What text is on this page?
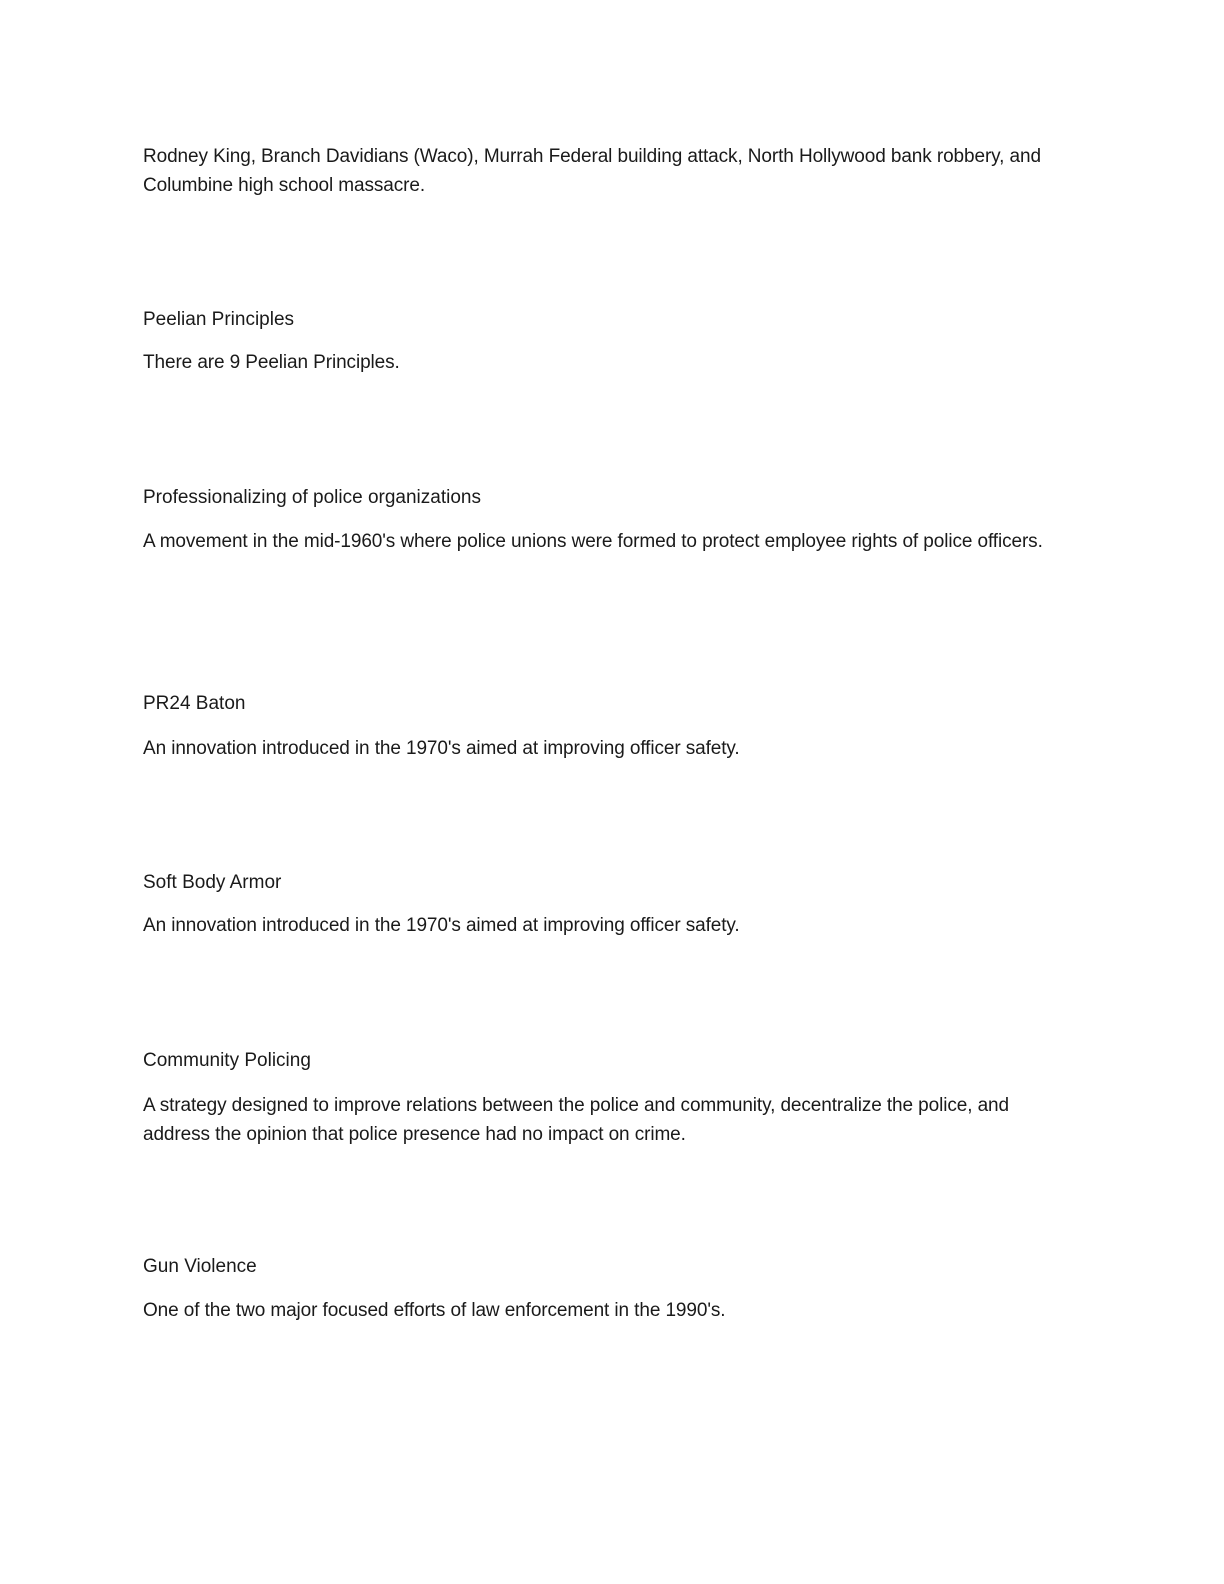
Rodney King, Branch Davidians (Waco), Murrah Federal building attack, North Hollywood bank robbery, and Columbine high school massacre.
Peelian Principles
There are 9 Peelian Principles.
Professionalizing of police organizations
A movement in the mid-1960's where police unions were formed to protect employee rights of police officers.
PR24 Baton
An innovation introduced in the 1970's aimed at improving officer safety.
Soft Body Armor
An innovation introduced in the 1970's aimed at improving officer safety.
Community Policing
A strategy designed to improve relations between the police and community, decentralize the police, and address the opinion that police presence had no impact on crime.
Gun Violence
One of the two major focused efforts of law enforcement in the 1990's.
